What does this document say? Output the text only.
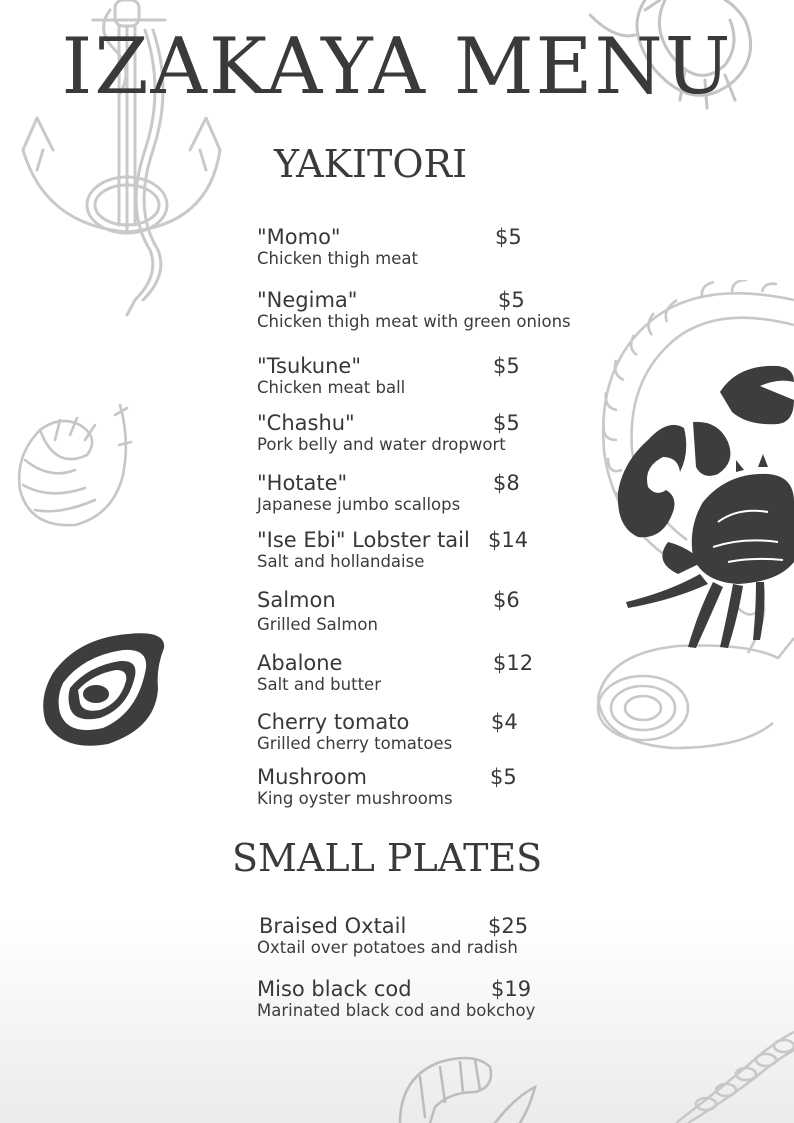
IZAKAYA MENU
YAKITORI
SMALL PLATES
"Momo"	$5
Chicken thigh meat
"Negima"	$5
Chicken thigh meat with green onions
"Tsukune"	$5
Chicken meat ball
"Chashu"	$5
Pork belly and water dropwort
"Hotate"	$8
Japanese jumbo scallops
"Ise Ebi" Lobster tail $14
Salt and hollandaise
Salmon	$6
Grilled Salmon
Abalone	$12
Salt and butter
Cherry tomato	$4
Grilled cherry tomatoes
Mushroom	$5
King oyster mushrooms
Braised Oxtail	$25
Oxtail over potatoes and radish
Miso black cod	$19
Marinated black cod and bokchoy
